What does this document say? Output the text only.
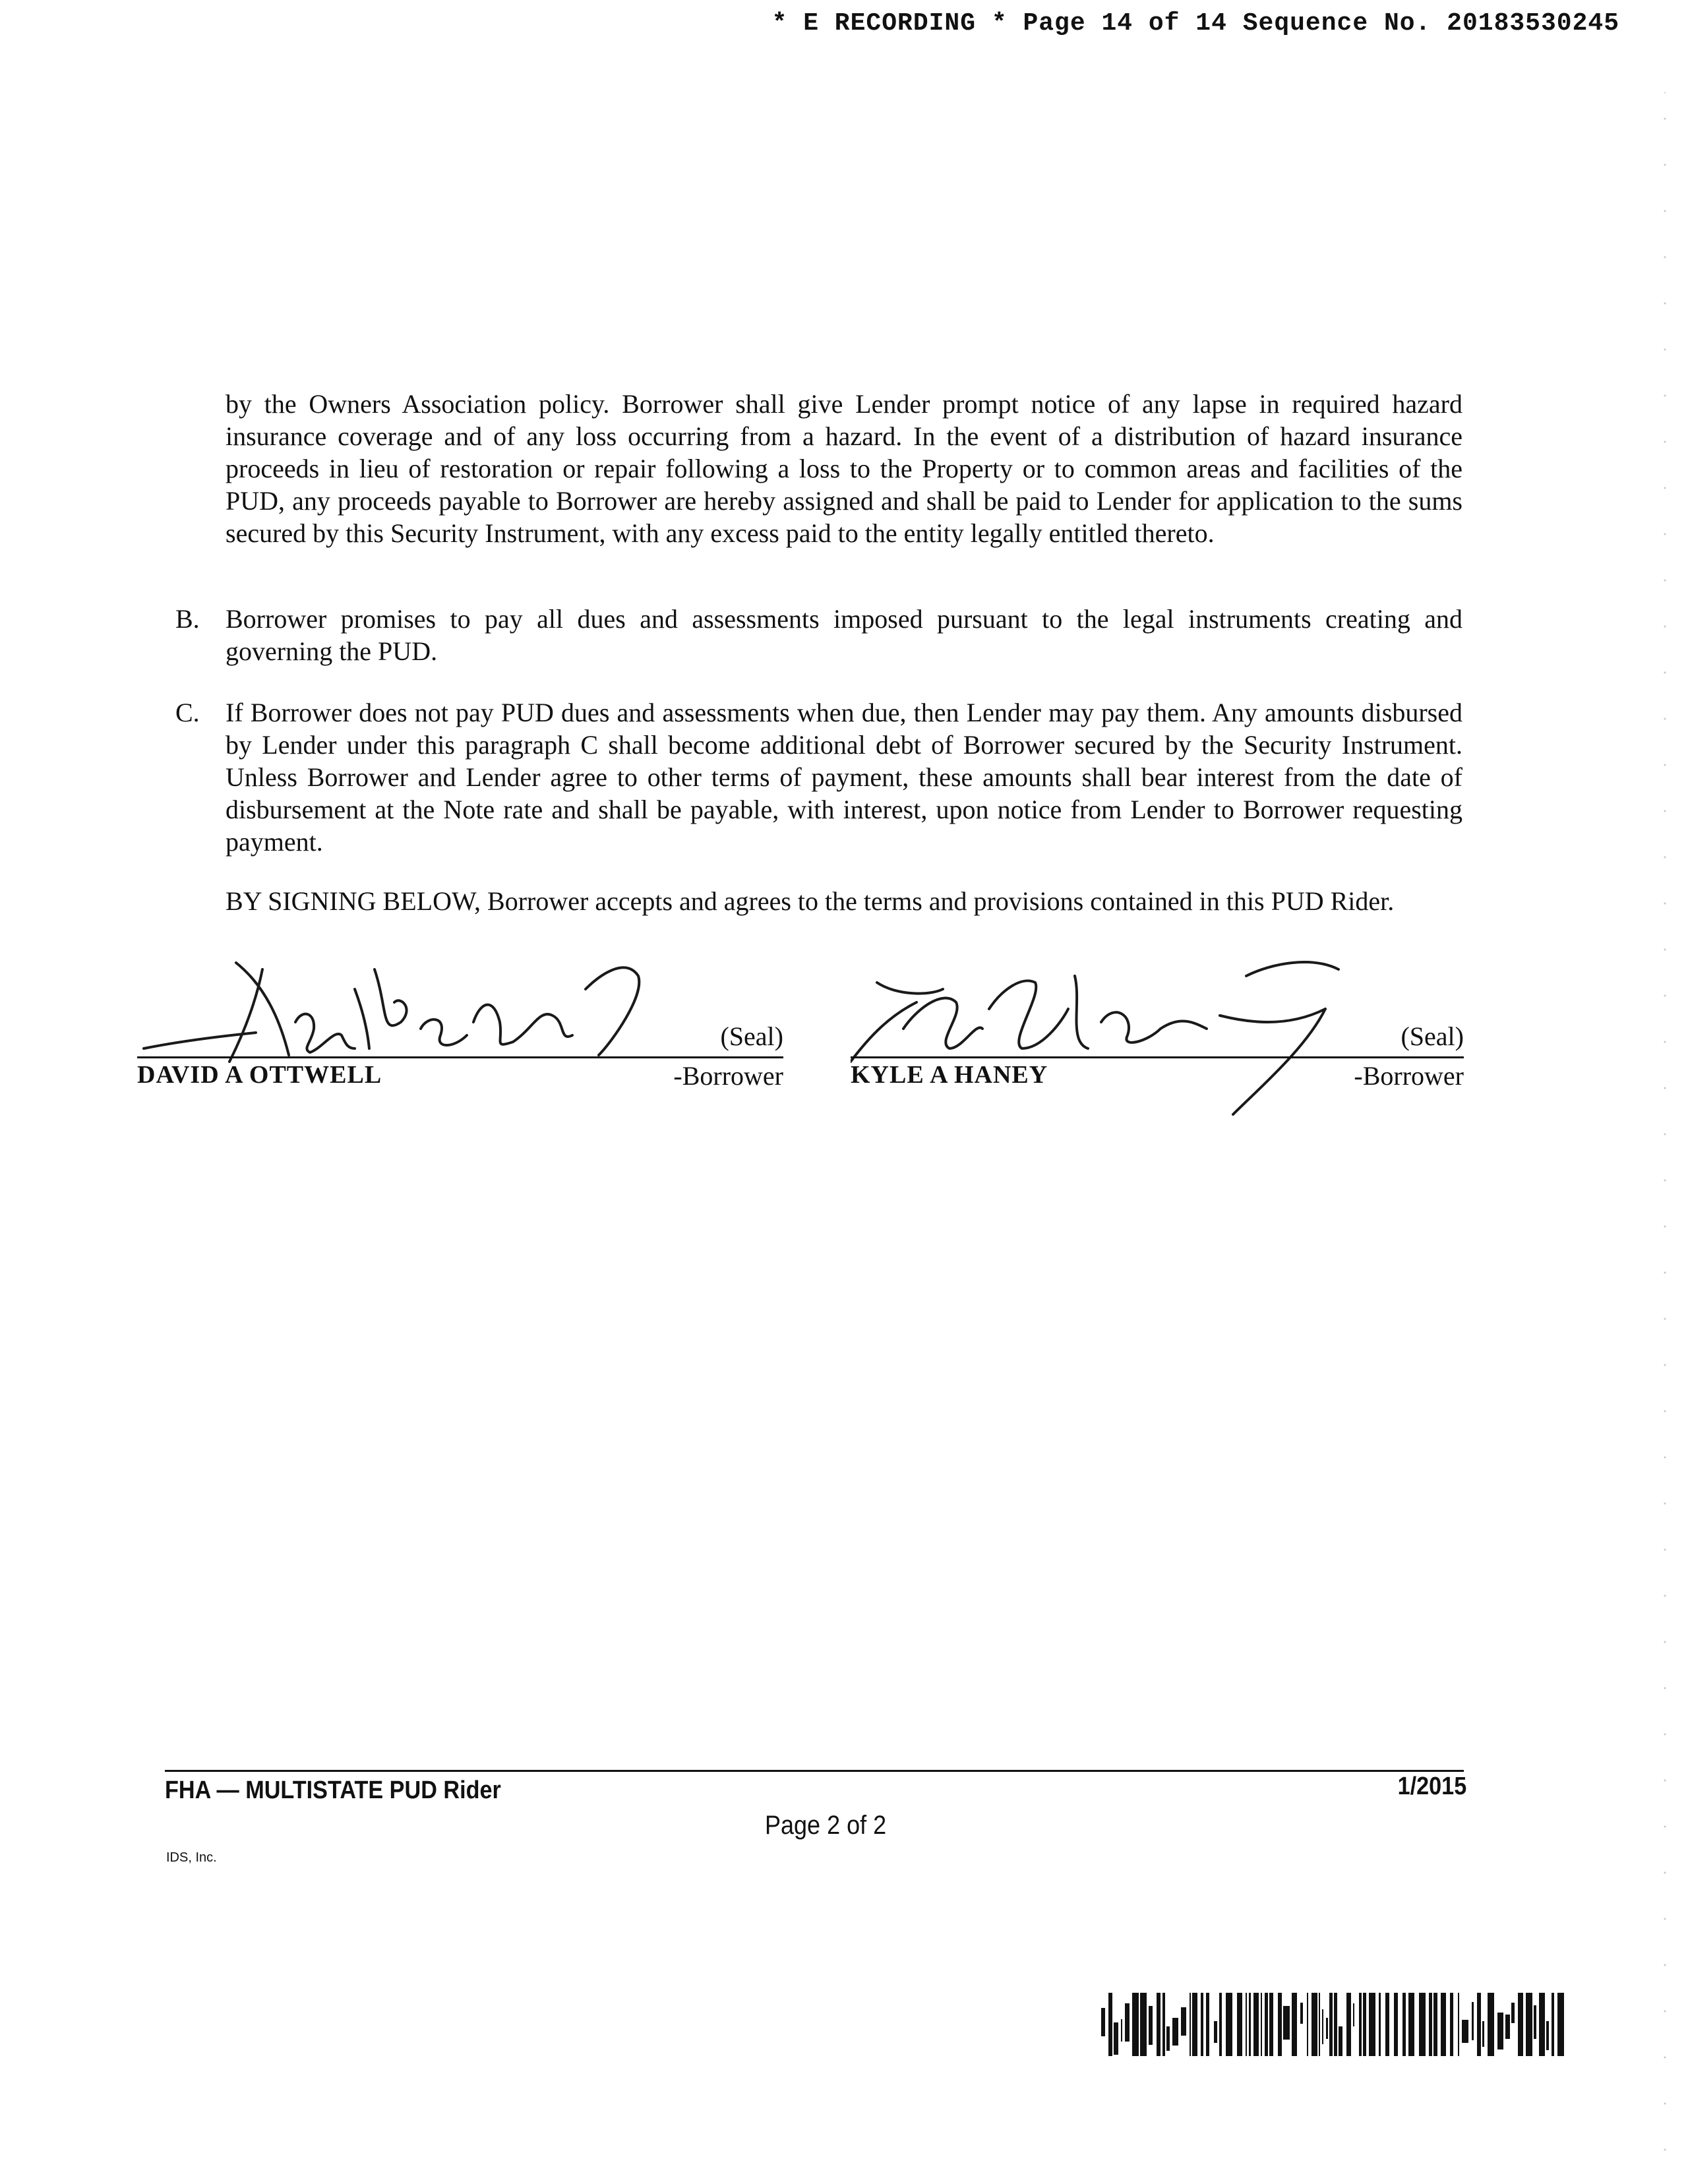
* E RECORDING * Page 14 of 14 Sequence No. 20183530245
by the Owners Association policy. Borrower shall give Lender prompt notice of any lapse in required hazard insurance coverage and of any loss occurring from a hazard. In the event of a distribution of hazard insurance proceeds in lieu of restoration or repair following a loss to the Property or to common areas and facilities of the PUD, any proceeds payable to Borrower are hereby assigned and shall be paid to Lender for application to the sums secured by this Security Instrument, with any excess paid to the entity legally entitled thereto.
B. Borrower promises to pay all dues and assessments imposed pursuant to the legal instruments creating and governing the PUD.
C. If Borrower does not pay PUD dues and assessments when due, then Lender may pay them. Any amounts disbursed by Lender under this paragraph C shall become additional debt of Borrower secured by the Security Instrument. Unless Borrower and Lender agree to other terms of payment, these amounts shall bear interest from the date of disbursement at the Note rate and shall be payable, with interest, upon notice from Lender to Borrower requesting payment.
BY SIGNING BELOW, Borrower accepts and agrees to the terms and provisions contained in this PUD Rider.
(Seal)
DAVID A OTTWELL	-Borrower
(Seal)
KYLE A HANEY	-Borrower
FHA — MULTISTATE PUD Rider	1/2015
Page 2 of 2
IDS, Inc.
